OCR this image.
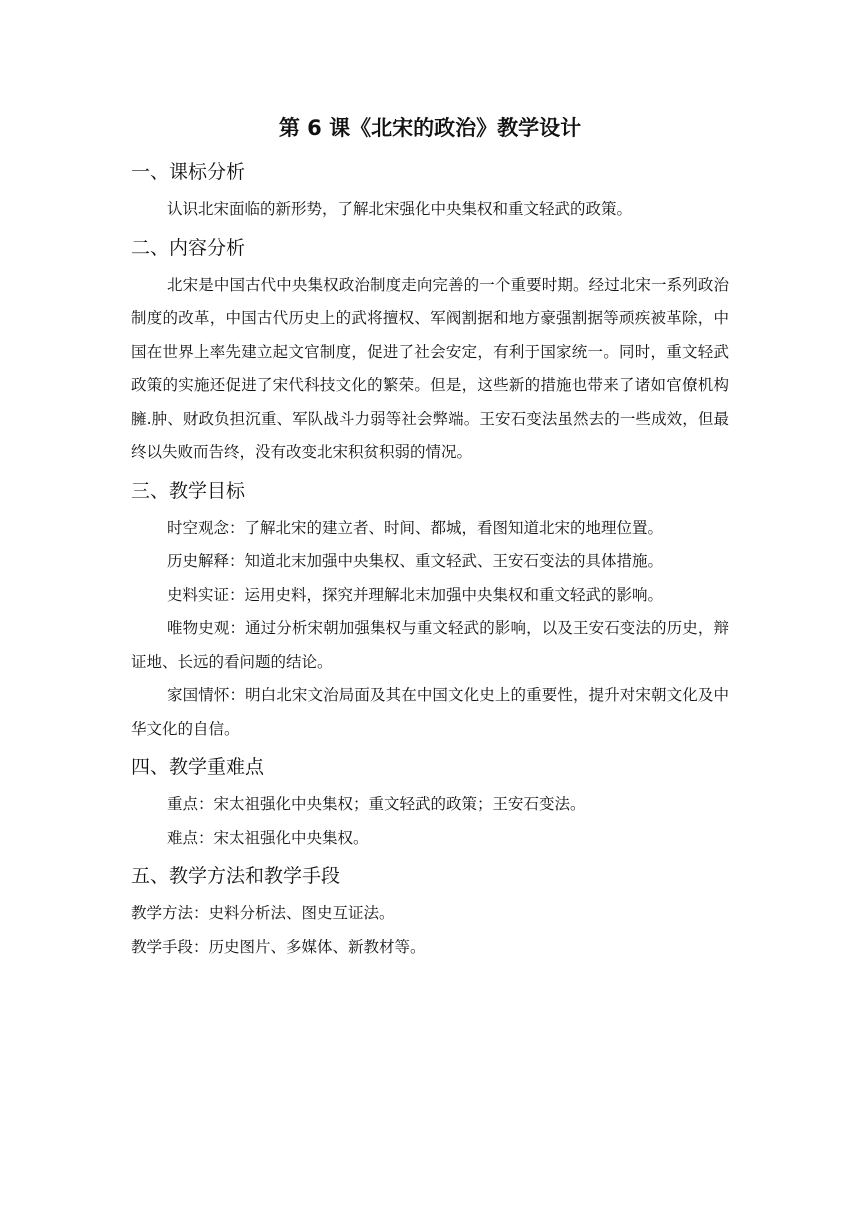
第 6 课《北宋的政治》教学设计
一、课标分析

认识北宋面临的新形势，了解北宋强化中央集权和重文轻武的政策。

二、内容分析

北宋是中国古代中央集权政治制度走向完善的一个重要时期。经过北宋一系列政治制度的改革，中国古代历史上的武将擅权、军阀割据和地方豪强割据等顽疾被革除，中国在世界上率先建立起文官制度，促进了社会安定，有利于国家统一。同时，重文轻武政策的实施还促进了宋代科技文化的繁荣。但是，这些新的措施也带来了诸如官僚机构臃.肿、财政负担沉重、军队战斗力弱等社会弊端。王安石变法虽然去的一些成效，但最终以失败而告终，没有改变北宋积贫积弱的情况。

三、教学目标

时空观念：了解北宋的建立者、时间、都城，看图知道北宋的地理位置。

历史解释：知道北末加强中央集权、重文轻武、王安石变法的具体措施。

史料实证：运用史料，探究并理解北末加强中央集权和重文轻武的影响。

唯物史观：通过分析宋朝加强集权与重文轻武的影响，以及王安石变法的历史，辩证地、长远的看问题的结论。

家国情怀：明白北宋文治局面及其在中国文化史上的重要性，提升对宋朝文化及中华文化的自信。

四、教学重难点

重点：宋太祖强化中央集权；重文轻武的政策；王安石变法。

难点：宋太祖强化中央集权。

五、教学方法和教学手段

教学方法：史料分析法、图史互证法。

教学手段：历史图片、多媒体、新教材等。
